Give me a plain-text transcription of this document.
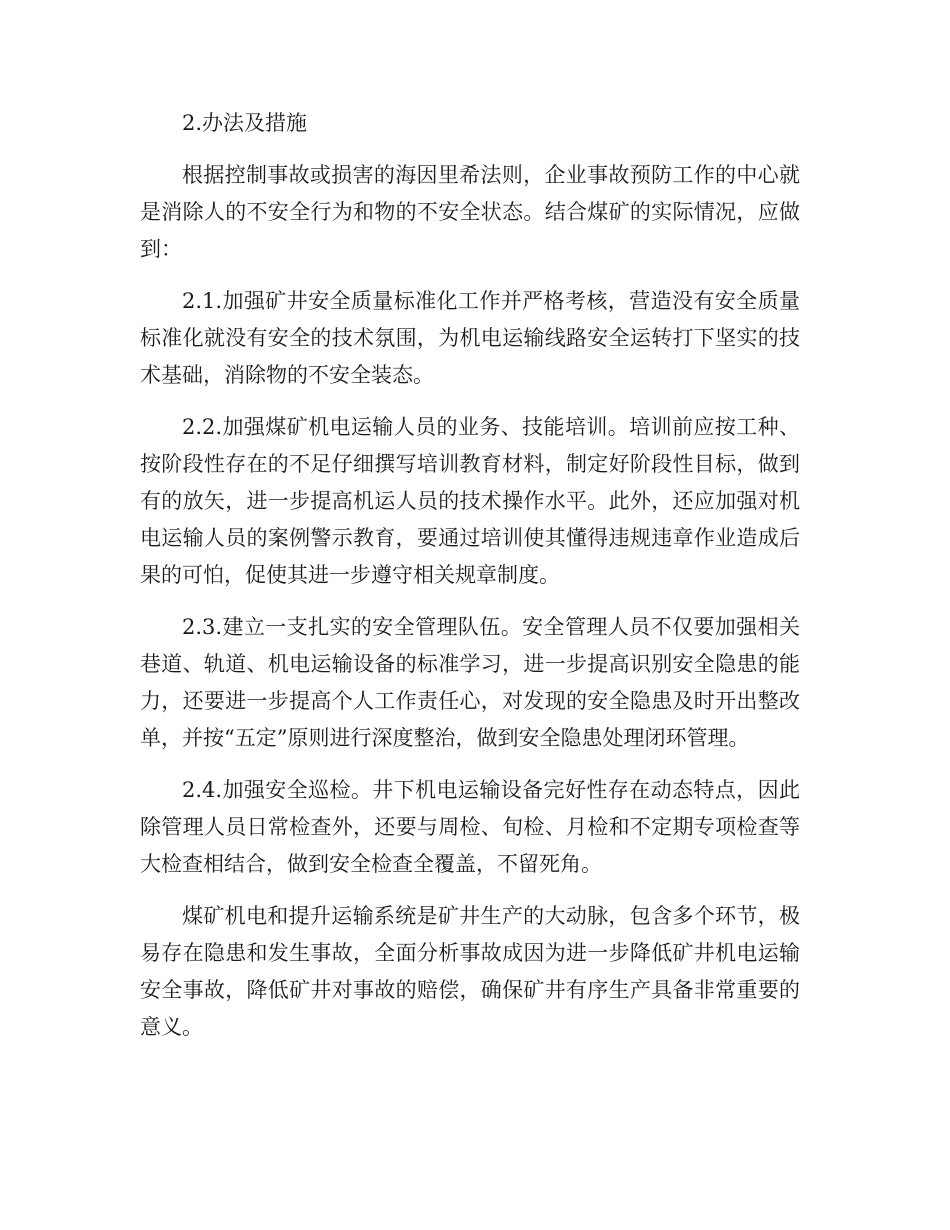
2.办法及措施

根据控制事故或损害的海因里希法则，企业事故预防工作的中心就是消除人的不安全行为和物的不安全状态。结合煤矿的实际情况，应做到：

2.1.加强矿井安全质量标准化工作并严格考核，营造没有安全质量标准化就没有安全的技术氛围，为机电运输线路安全运转打下坚实的技术基础，消除物的不安全装态。

2.2.加强煤矿机电运输人员的业务、技能培训。培训前应按工种、按阶段性存在的不足仔细撰写培训教育材料，制定好阶段性目标，做到有的放矢，进一步提高机运人员的技术操作水平。此外，还应加强对机电运输人员的案例警示教育，要通过培训使其懂得违规违章作业造成后果的可怕，促使其进一步遵守相关规章制度。

2.3.建立一支扎实的安全管理队伍。安全管理人员不仅要加强相关巷道、轨道、机电运输设备的标准学习，进一步提高识别安全隐患的能力，还要进一步提高个人工作责任心，对发现的安全隐患及时开出整改单，并按“五定”原则进行深度整治，做到安全隐患处理闭环管理。

2.4.加强安全巡检。井下机电运输设备完好性存在动态特点，因此除管理人员日常检查外，还要与周检、旬检、月检和不定期专项检查等大检查相结合，做到安全检查全覆盖，不留死角。

煤矿机电和提升运输系统是矿井生产的大动脉，包含多个环节，极易存在隐患和发生事故，全面分析事故成因为进一步降低矿井机电运输安全事故，降低矿井对事故的赔偿，确保矿井有序生产具备非常重要的意义。
